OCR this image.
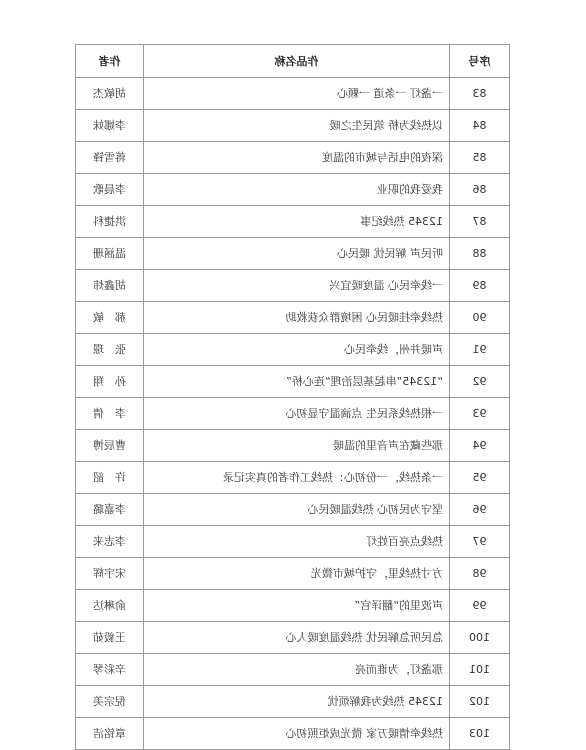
序号	作品名称	作者
83	一盏灯 一条道 一颗心	胡敏杰
84	以热线为桥 筑民生之暖	李娜妹
85	深夜的电话与城市的温度	蒋雪锋
86	我爱我的职业	李晨歌
87	12345 热线纪事	洪捷科
88	听民声 解民忧 暖民心	温涵珊
89	一线牵民心 温度暖宜兴	胡鑫炜
90	热线牵挂暖民心 困境群众获救助	郝　敏
91	声暖并州，线牵民心	张　璟
92	“12345”串起基层治理“连心桥”	孙　翔
93	一根热线系民生 点滴温守显初心	李　倩
94	那些藏在声音里的温暖	曹辰博
95	一条热线，一份初心：热线工作者的真实记录	许　韶
96	坚守为民初心 热线温暖民心	李嘉璐
97	热线点亮百姓灯	李志来
98	方寸热线里，守护城市微光	宋宇辉
99	声波里的“翻译官”	俞琳达
100	急民所急解民忧 热线温度暖人心	王毅茹
101	那盏灯，为谁而亮	辛彩琴
102	12345 热线为我解烦忧	倪宗美
103	热线牵情暖万家 微光成炬照初心	章铭洁
